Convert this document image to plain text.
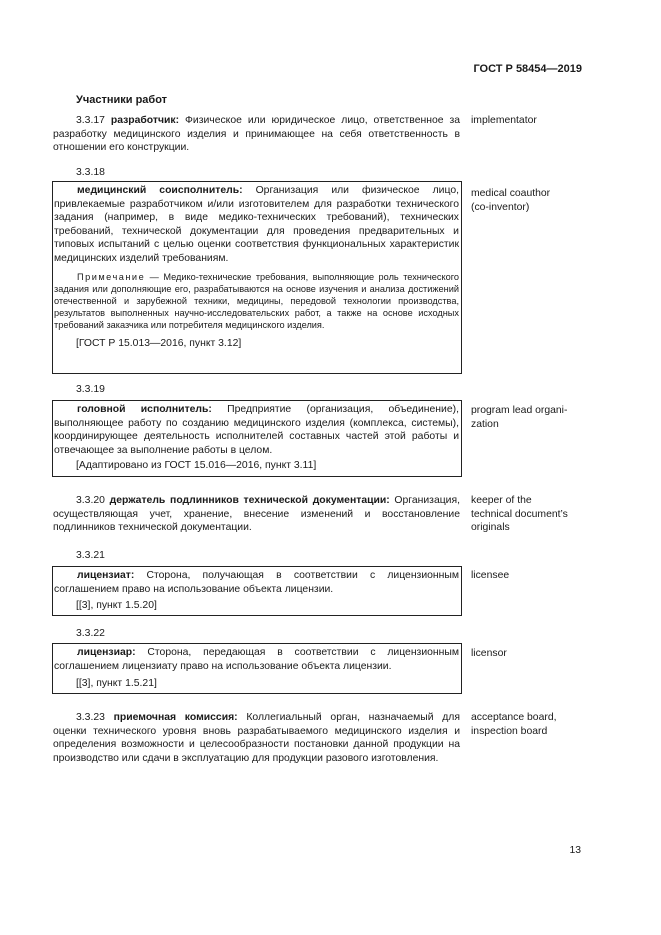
ГОСТ Р 58454—2019
Участники работ
3.3.17 разработчик: Физическое или юридическое лицо, ответственное за разработку медицинского изделия и принимающее на себя ответственность в отношении его конструкции.
implementator
3.3.18
медицинский соисполнитель: Организация или физическое лицо, привлекаемые разработчиком и/или изготовителем для разработки технического задания (например, в виде медико-технических требований), технических требований, технической документации для проведения предварительных и типовых испытаний с целью оценки соответствия функциональных характеристик медицинских изделий требованиям.
Примечание — Медико-технические требования, выполняющие роль технического задания или дополняющие его, разрабатываются на основе изучения и анализа достижений отечественной и зарубежной техники, медицины, передовой технологии производства, результатов выполненных научно-исследовательских работ, а также на основе исходных требований заказчика или потребителя медицинского изделия.
[ГОСТ Р 15.013—2016, пункт 3.12]
medical coauthor
(co-inventor)
3.3.19
головной исполнитель: Предприятие (организация, объединение), выполняющее работу по созданию медицинского изделия (комплекса, системы), координирующее деятельность исполнителей составных частей этой работы и отвечающее за выполнение работы в целом.
[Адаптировано из ГОСТ 15.016—2016, пункт 3.11]
program lead organi-
zation
3.3.20 держатель подлинников технической документации: Организация, осуществляющая учет, хранение, внесение изменений и восстановление подлинников технической документации.
keeper of the
technical document’s
originals
3.3.21
лицензиат: Сторона, получающая в соответствии с лицензионным соглашением право на использование объекта лицензии.
[[3], пункт 1.5.20]
licensee
3.3.22
лицензиар: Сторона, передающая в соответствии с лицензионным соглашением лицензиату право на использование объекта лицензии.
[[3], пункт 1.5.21]
licensor
3.3.23 приемочная комиссия: Коллегиальный орган, назначаемый для оценки технического уровня вновь разрабатываемого медицинского изделия и определения возможности и целесообразности постановки данной продукции на производство или сдачи в эксплуатацию для продукции разового изготовления.
acceptance board,
inspection board
13
